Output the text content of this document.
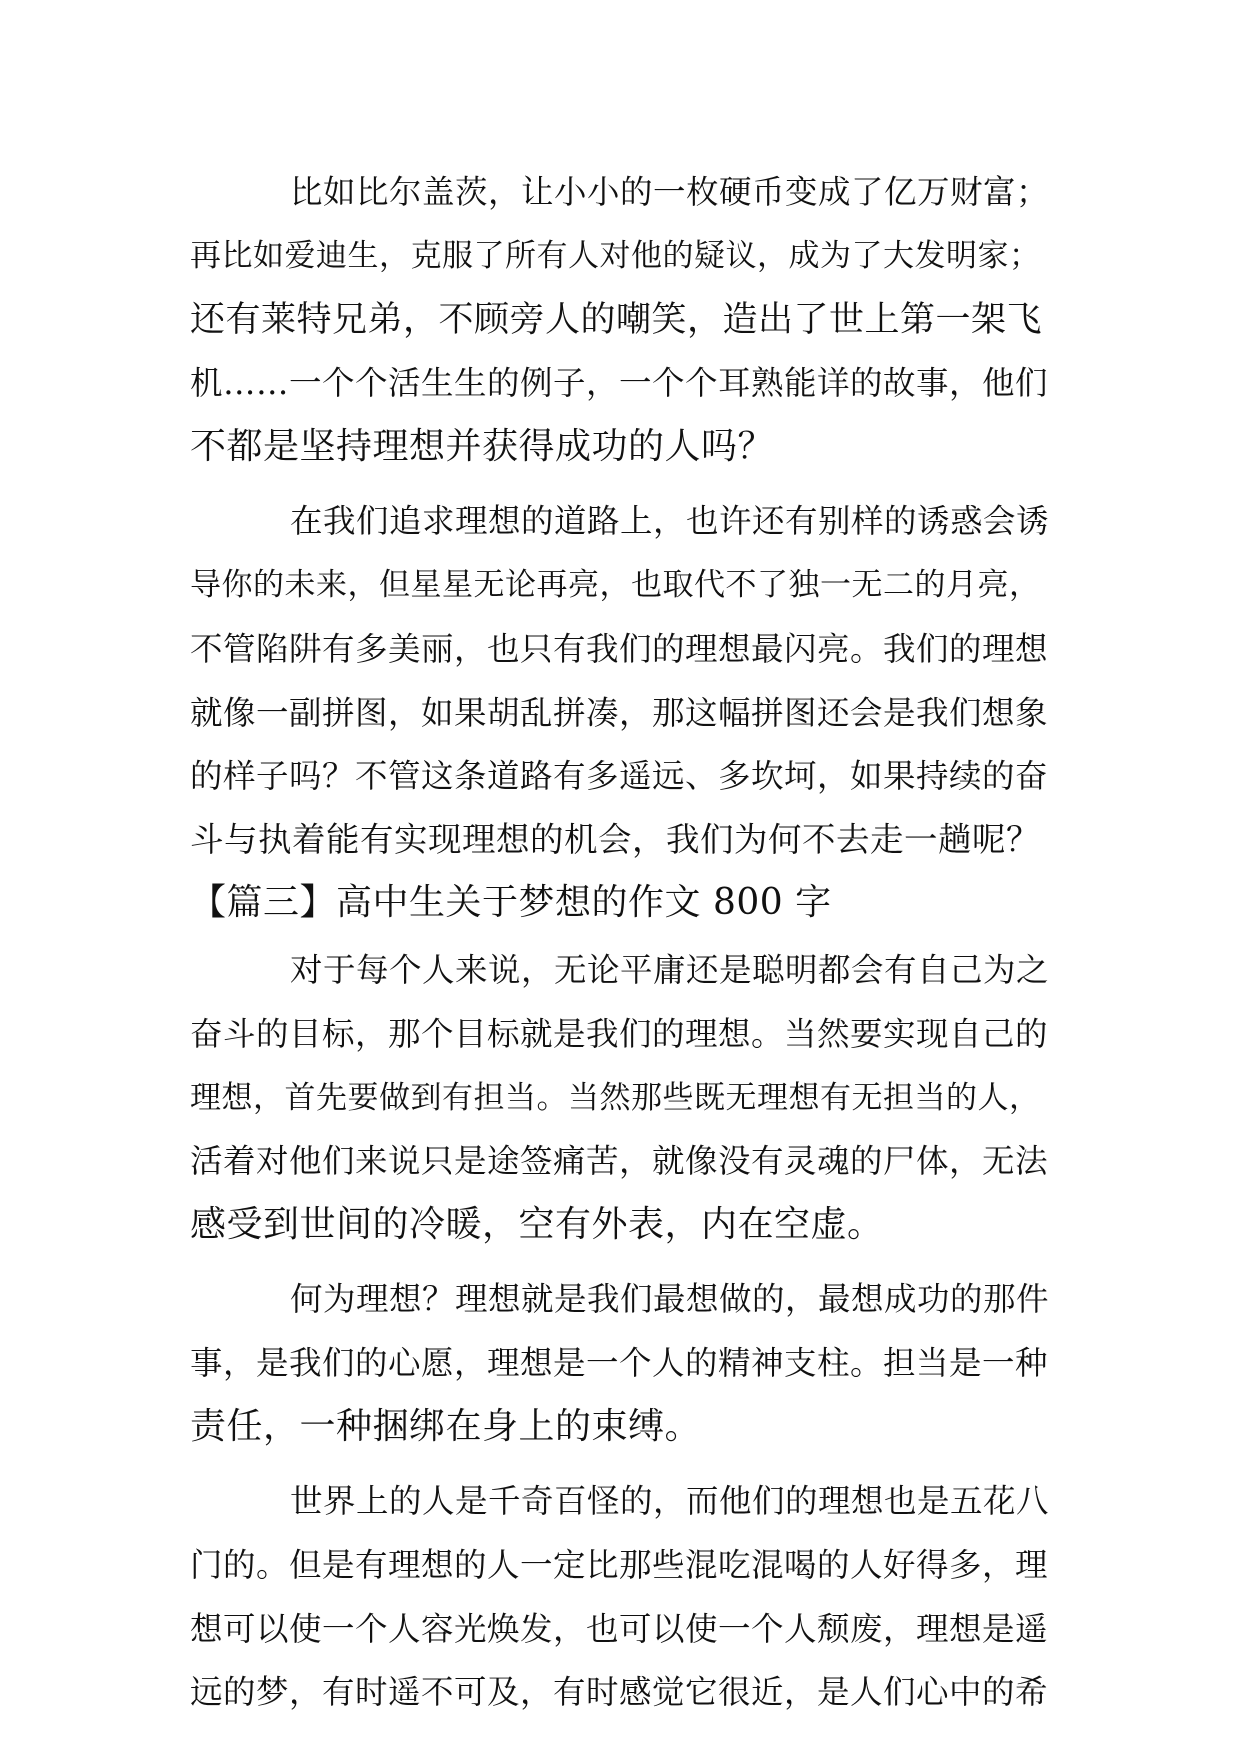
比如比尔盖茨，让小小的一枚硬币变成了亿万财富；
再比如爱迪生，克服了所有人对他的疑议，成为了大发明家；
还有莱特兄弟，不顾旁人的嘲笑，造出了世上第一架飞
机……一个个活生生的例子，一个个耳熟能详的故事，他们
不都是坚持理想并获得成功的人吗？
在我们追求理想的道路上，也许还有别样的诱惑会诱
导你的未来，但星星无论再亮，也取代不了独一无二的月亮，
不管陷阱有多美丽，也只有我们的理想最闪亮。我们的理想
就像一副拼图，如果胡乱拼凑，那这幅拼图还会是我们想象
的样子吗？不管这条道路有多遥远、多坎坷，如果持续的奋
斗与执着能有实现理想的机会，我们为何不去走一趟呢？
【篇三】高中生关于梦想的作文 800 字
对于每个人来说，无论平庸还是聪明都会有自己为之
奋斗的目标，那个目标就是我们的理想。当然要实现自己的
理想，首先要做到有担当。当然那些既无理想有无担当的人，
活着对他们来说只是途签痛苦，就像没有灵魂的尸体，无法
感受到世间的冷暖，空有外表，内在空虚。
何为理想？理想就是我们最想做的，最想成功的那件
事，是我们的心愿，理想是一个人的精神支柱。担当是一种
责任，一种捆绑在身上的束缚。
世界上的人是千奇百怪的，而他们的理想也是五花八
门的。但是有理想的人一定比那些混吃混喝的人好得多，理
想可以使一个人容光焕发，也可以使一个人颓废，理想是遥
远的梦，有时遥不可及，有时感觉它很近，是人们心中的希
